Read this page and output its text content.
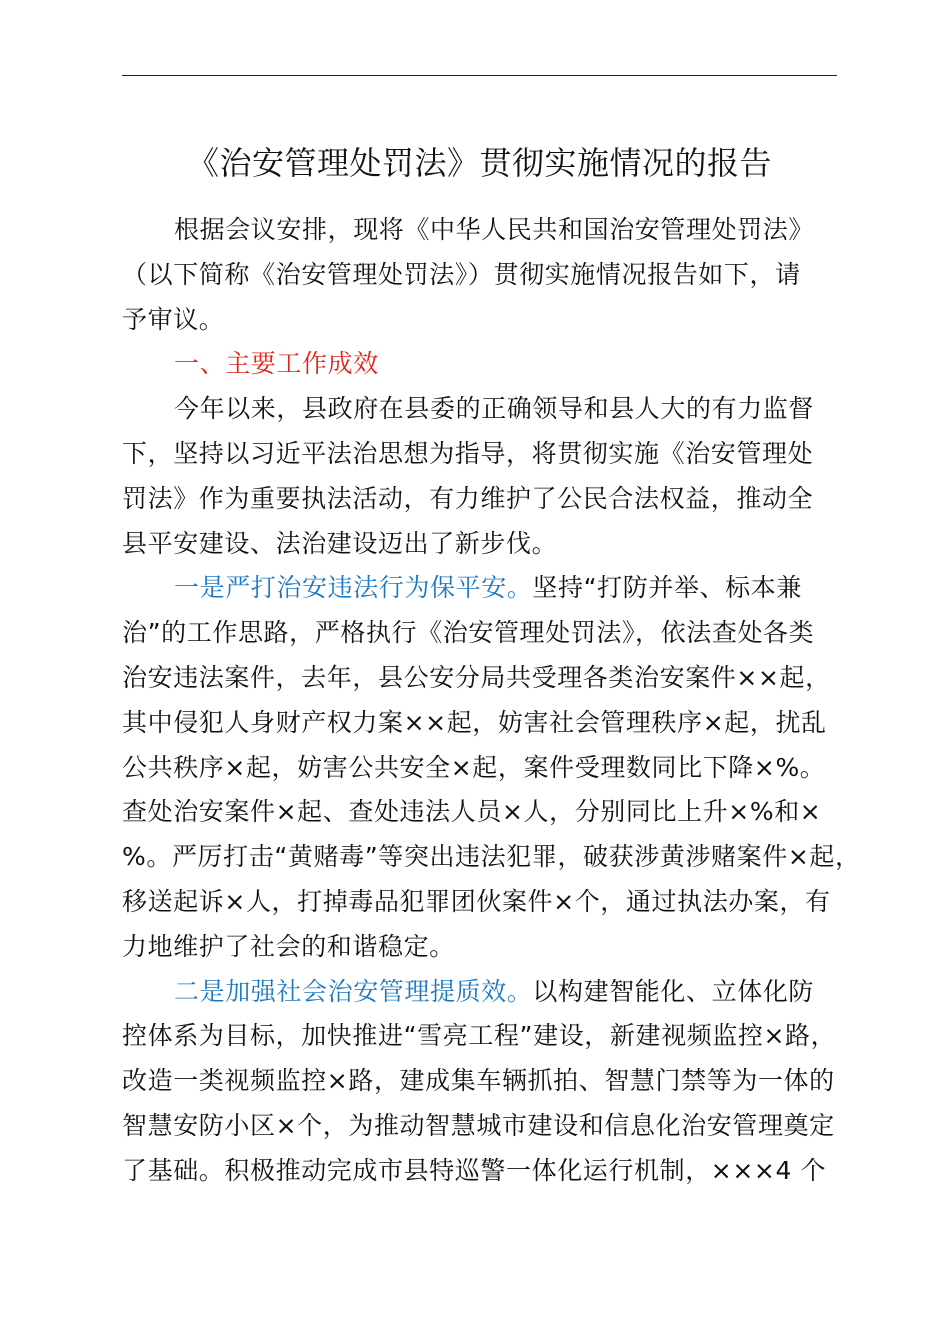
《治安管理处罚法》贯彻实施情况的报告
根据会议安排，现将《中华人民共和国治安管理处罚法》
（以下简称《治安管理处罚法》）贯彻实施情况报告如下，请
予审议。
一、主要工作成效
今年以来，县政府在县委的正确领导和县人大的有力监督
下，坚持以习近平法治思想为指导，将贯彻实施《治安管理处
罚法》作为重要执法活动，有力维护了公民合法权益，推动全
县平安建设、法治建设迈出了新步伐。
一是严打治安违法行为保平安。坚持“打防并举、标本兼
治”的工作思路，严格执行《治安管理处罚法》，依法查处各类
治安违法案件，去年，县公安分局共受理各类治安案件××起，
其中侵犯人身财产权力案××起，妨害社会管理秩序×起，扰乱
公共秩序×起，妨害公共安全×起，案件受理数同比下降×%。
查处治安案件×起、查处违法人员×人，分别同比上升×%和×
%。严厉打击“黄赌毒”等突出违法犯罪，破获涉黄涉赌案件×起，
移送起诉×人，打掉毒品犯罪团伙案件×个，通过执法办案，有
力地维护了社会的和谐稳定。
二是加强社会治安管理提质效。以构建智能化、立体化防
控体系为目标，加快推进“雪亮工程”建设，新建视频监控×路，
改造一类视频监控×路，建成集车辆抓拍、智慧门禁等为一体的
智慧安防小区×个，为推动智慧城市建设和信息化治安管理奠定
了基础。积极推动完成市县特巡警一体化运行机制，×××4 个
